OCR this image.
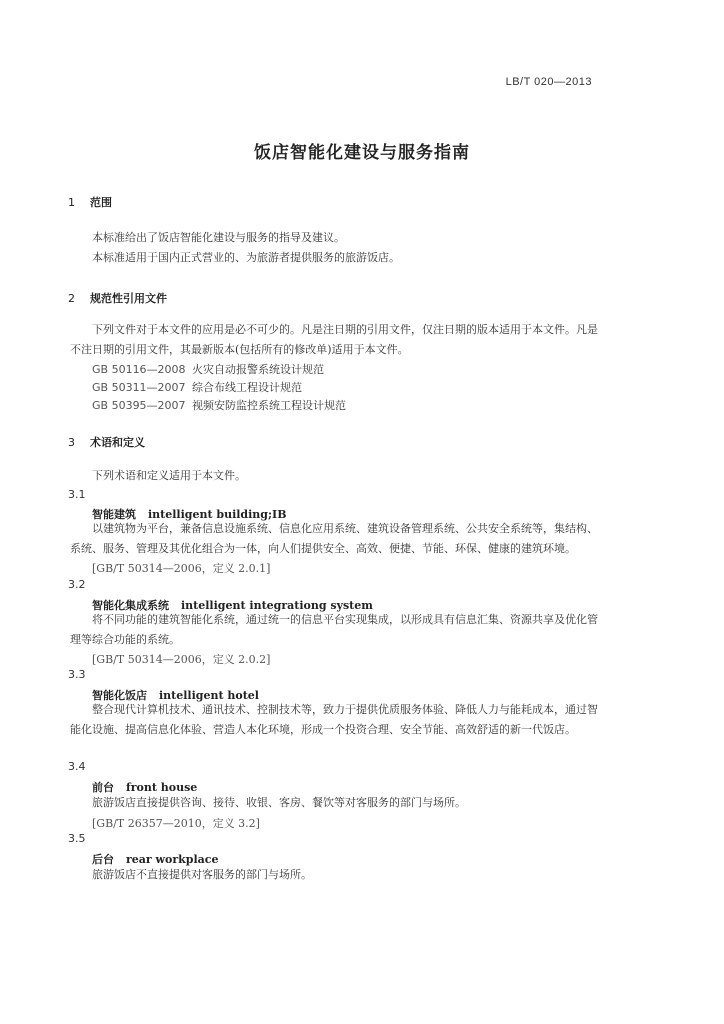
LB/T 020—2013
饭店智能化建设与服务指南
1 范围
本标准给出了饭店智能化建设与服务的指导及建议。
本标准适用于国内正式营业的、为旅游者提供服务的旅游饭店。
2 规范性引用文件
下列文件对于本文件的应用是必不可少的。凡是注日期的引用文件，仅注日期的版本适用于本文件。凡是不注日期的引用文件，其最新版本(包括所有的修改单)适用于本文件。
GB 50116—2008 火灾自动报警系统设计规范
GB 50311—2007 综合布线工程设计规范
GB 50395—2007 视频安防监控系统工程设计规范
3 术语和定义
下列术语和定义适用于本文件。
3.1
智能建筑 intelligent building;IB
以建筑物为平台，兼备信息设施系统、信息化应用系统、建筑设备管理系统、公共安全系统等，集结构、系统、服务、管理及其优化组合为一体，向人们提供安全、高效、便捷、节能、环保、健康的建筑环境。
[GB/T 50314—2006，定义 2.0.1]
3.2
智能化集成系统 intelligent integrationg system
将不同功能的建筑智能化系统，通过统一的信息平台实现集成，以形成具有信息汇集、资源共享及优化管理等综合功能的系统。
[GB/T 50314—2006，定义 2.0.2]
3.3
智能化饭店 intelligent hotel
整合现代计算机技术、通讯技术、控制技术等，致力于提供优质服务体验、降低人力与能耗成本，通过智能化设施、提高信息化体验、营造人本化环境，形成一个投资合理、安全节能、高效舒适的新一代饭店。
3.4
前台 front house
旅游饭店直接提供咨询、接待、收银、客房、餐饮等对客服务的部门与场所。
[GB/T 26357—2010，定义 3.2]
3.5
后台 rear workplace
旅游饭店不直接提供对客服务的部门与场所。
